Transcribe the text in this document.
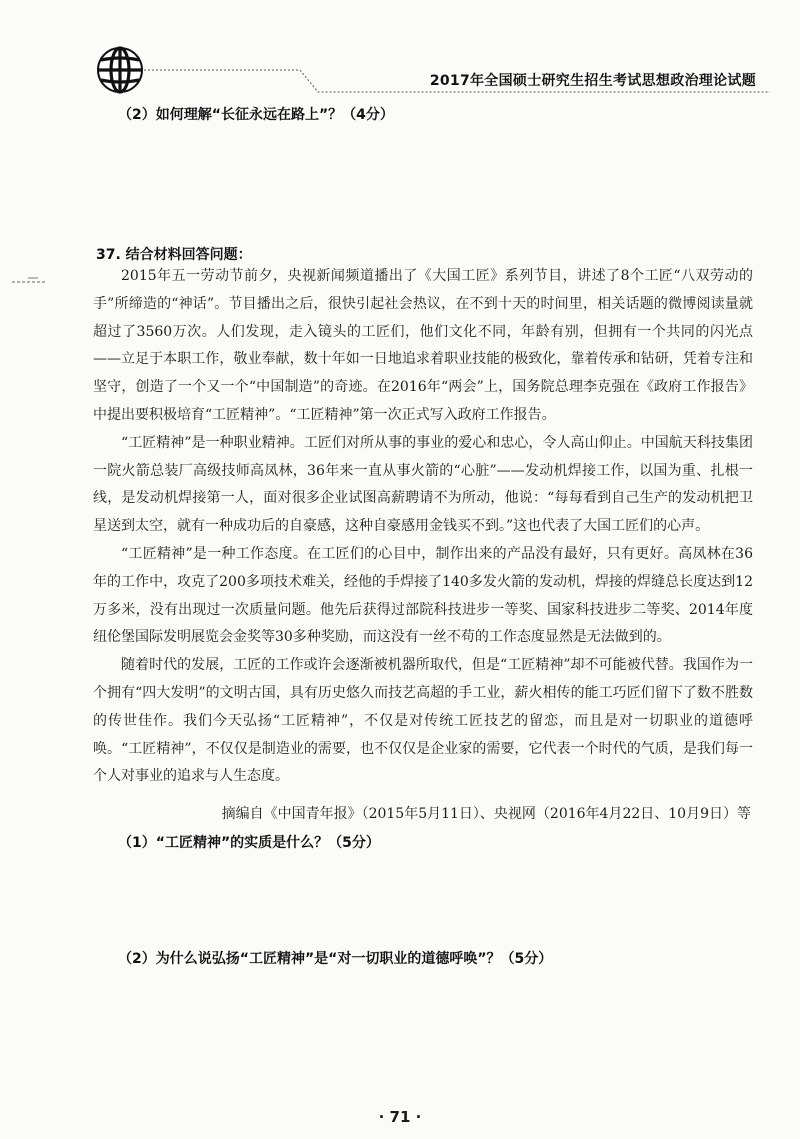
2017年全国硕士研究生招生考试思想政治理论试题
（2）如何理解“长征永远在路上”？（4分）
37. 结合材料回答问题：

2015年五一劳动节前夕，央视新闻频道播出了《大国工匠》系列节目，讲述了8个工匠“八双劳动的手”所缔造的“神话”。节目播出之后，很快引起社会热议，在不到十天的时间里，相关话题的微博阅读量就超过了3560万次。人们发现，走入镜头的工匠们，他们文化不同，年龄有别，但拥有一个共同的闪光点——立足于本职工作，敬业奉献，数十年如一日地追求着职业技能的极致化，靠着传承和钻研，凭着专注和坚守，创造了一个又一个“中国制造”的奇迹。在2016年“两会”上，国务院总理李克强在《政府工作报告》中提出要积极培育“工匠精神”。“工匠精神”第一次正式写入政府工作报告。

“工匠精神”是一种职业精神。工匠们对所从事的事业的爱心和忠心，令人高山仰止。中国航天科技集团一院火箭总装厂高级技师高凤林，36年来一直从事火箭的“心脏”——发动机焊接工作，以国为重、扎根一线，是发动机焊接第一人，面对很多企业试图高薪聘请不为所动，他说：“每每看到自己生产的发动机把卫星送到太空，就有一种成功后的自豪感，这种自豪感用金钱买不到。”这也代表了大国工匠们的心声。

“工匠精神”是一种工作态度。在工匠们的心目中，制作出来的产品没有最好，只有更好。高凤林在36年的工作中，攻克了200多项技术难关，经他的手焊接了140多发火箭的发动机，焊接的焊缝总长度达到12万多米，没有出现过一次质量问题。他先后获得过部院科技进步一等奖、国家科技进步二等奖、2014年度纽伦堡国际发明展览会金奖等30多种奖励，而这没有一丝不苟的工作态度显然是无法做到的。

随着时代的发展，工匠的工作或许会逐渐被机器所取代，但是“工匠精神”却不可能被代替。我国作为一个拥有“四大发明”的文明古国，具有历史悠久而技艺高超的手工业，薪火相传的能工巧匠们留下了数不胜数的传世佳作。我们今天弘扬“工匠精神”，不仅是对传统工匠技艺的留恋，而且是对一切职业的道德呼唤。“工匠精神”，不仅仅是制造业的需要，也不仅仅是企业家的需要，它代表一个时代的气质，是我们每一个人对事业的追求与人生态度。

摘编自《中国青年报》（2015年5月11日）、央视网（2016年4月22日、10月9日）等
（1）“工匠精神”的实质是什么？（5分）
（2）为什么说弘扬“工匠精神”是“对一切职业的道德呼唤”？（5分）
· 71 ·
